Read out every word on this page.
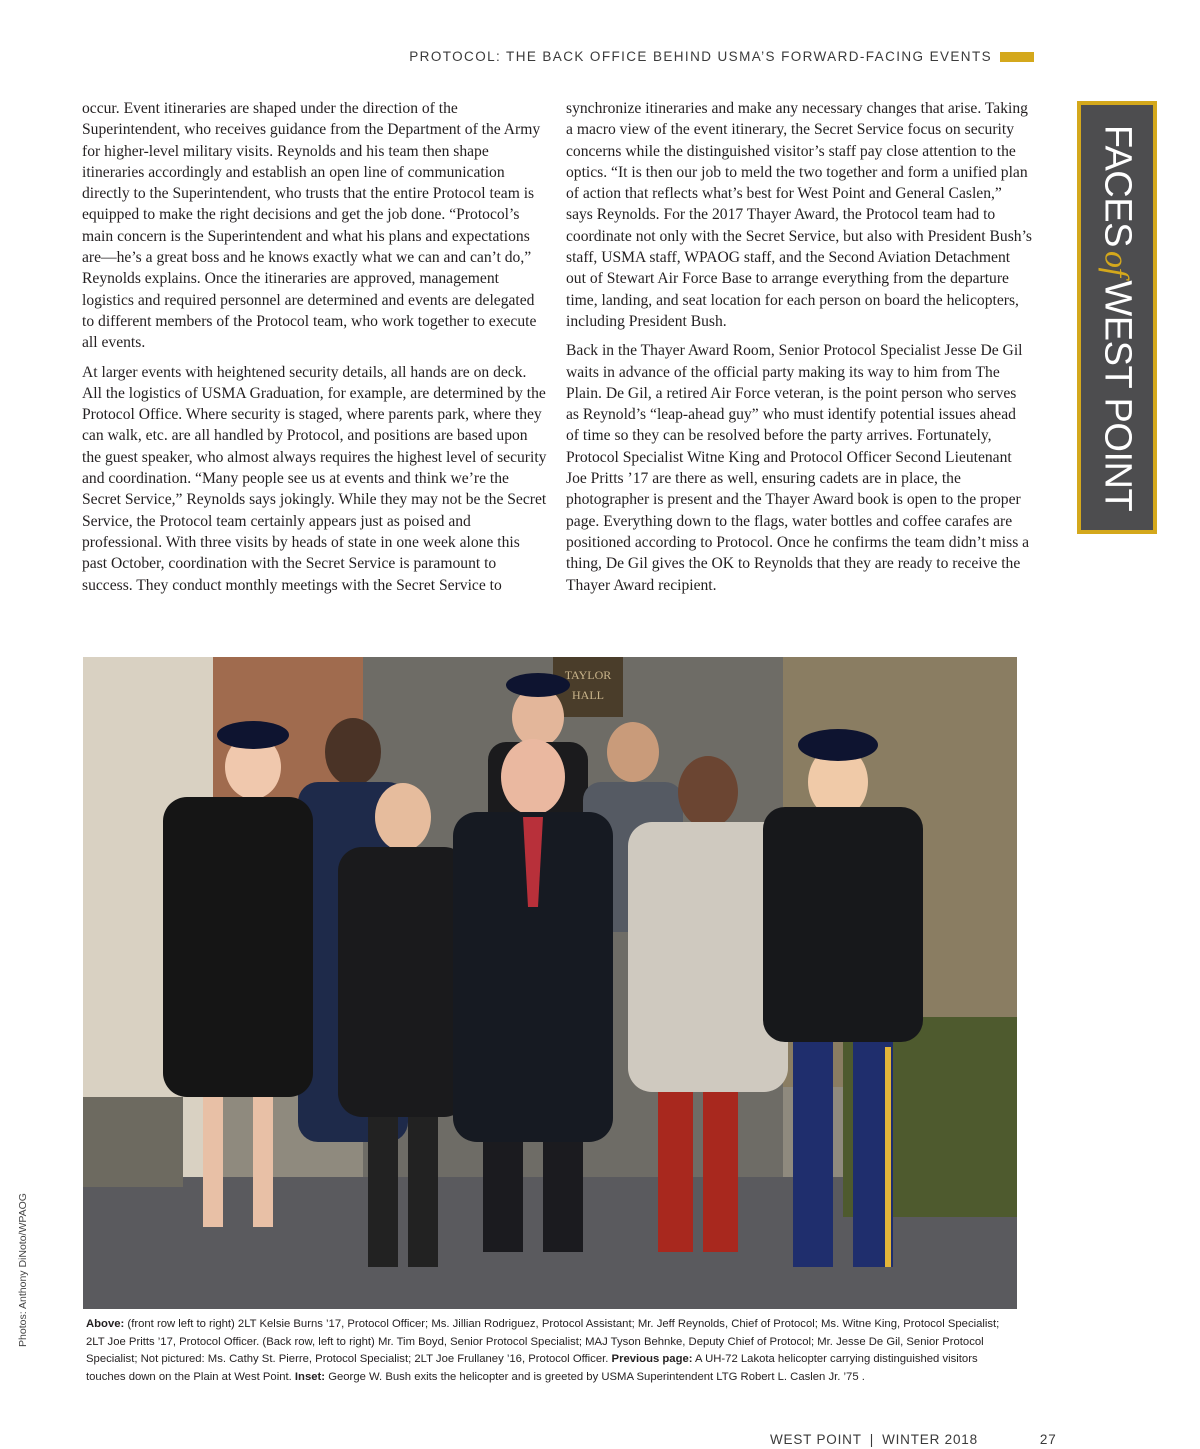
PROTOCOL: THE BACK OFFICE BEHIND USMA’S FORWARD-FACING EVENTS

occur. Event itineraries are shaped under the direction of the Superintendent, who receives guidance from the Department of the Army for higher-level military visits. Reynolds and his team then shape itineraries accordingly and establish an open line of communication directly to the Superintendent, who trusts that the entire Protocol team is equipped to make the right decisions and get the job done. “Protocol’s main concern is the Superintendent and what his plans and expectations are—he’s a great boss and he knows exactly what we can and can’t do,” Reynolds explains. Once the itineraries are approved, management logistics and required personnel are determined and events are delegated to different members of the Protocol team, who work together to execute all events.

At larger events with heightened security details, all hands are on deck. All the logistics of USMA Graduation, for example, are determined by the Protocol Office. Where security is staged, where parents park, where they can walk, etc. are all handled by Protocol, and positions are based upon the guest speaker, who almost always requires the highest level of security and coordination. “Many people see us at events and think we’re the Secret Service,” Reynolds says jokingly. While they may not be the Secret Service, the Protocol team certainly appears just as poised and professional. With three visits by heads of state in one week alone this past October, coordination with the Secret Service is paramount to success. They conduct monthly meetings with the Secret Service to

synchronize itineraries and make any necessary changes that arise. Taking a macro view of the event itinerary, the Secret Service focus on security concerns while the distinguished visitor’s staff pay close attention to the optics. “It is then our job to meld the two together and form a unified plan of action that reflects what’s best for West Point and General Caslen,” says Reynolds. For the 2017 Thayer Award, the Protocol team had to coordinate not only with the Secret Service, but also with President Bush’s staff, USMA staff, WPAOG staff, and the Second Aviation Detachment out of Stewart Air Force Base to arrange everything from the departure time, landing, and seat location for each person on board the helicopters, including President Bush.

Back in the Thayer Award Room, Senior Protocol Specialist Jesse De Gil waits in advance of the official party making its way to him from The Plain. De Gil, a retired Air Force veteran, is the point person who serves as Reynold’s “leap-ahead guy” who must identify potential issues ahead of time so they can be resolved before the party arrives. Fortunately, Protocol Specialist Witne King and Protocol Officer Second Lieutenant Joe Pritts ’17 are there as well, ensuring cadets are in place, the photographer is present and the Thayer Award book is open to the proper page. Everything down to the flags, water bottles and coffee carafes are positioned according to Protocol. Once he confirms the team didn’t miss a thing, De Gil gives the OK to Reynolds that they are ready to receive the Thayer Award recipient.

FACESofWEST POINT
TAYLOR
HALL
Photos: Anthony DiNoto/WPAOG	Above: (front row left to right) 2LT Kelsie Burns ’17, Protocol Officer; Ms. Jillian Rodriguez, Protocol Assistant; Mr. Jeff Reynolds, Chief of Protocol; Ms. Witne King, Protocol Specialist; 2LT Joe Pritts ’17, Protocol Officer. (Back row, left to right) Mr. Tim Boyd, Senior Protocol Specialist; MAJ Tyson Behnke, Deputy Chief of Protocol; Mr. Jesse De Gil, Senior Protocol Specialist; Not pictured: Ms. Cathy St. Pierre, Protocol Specialist; 2LT Joe Frullaney ’16, Protocol Officer. Previous page: A UH-72 Lakota helicopter carrying distinguished visitors touches down on the Plain at West Point. Inset: George W. Bush exits the helicopter and is greeted by USMA Superintendent LTG Robert L. Caslen Jr. ’75 .
WEST POINT | WINTER 2018	27
